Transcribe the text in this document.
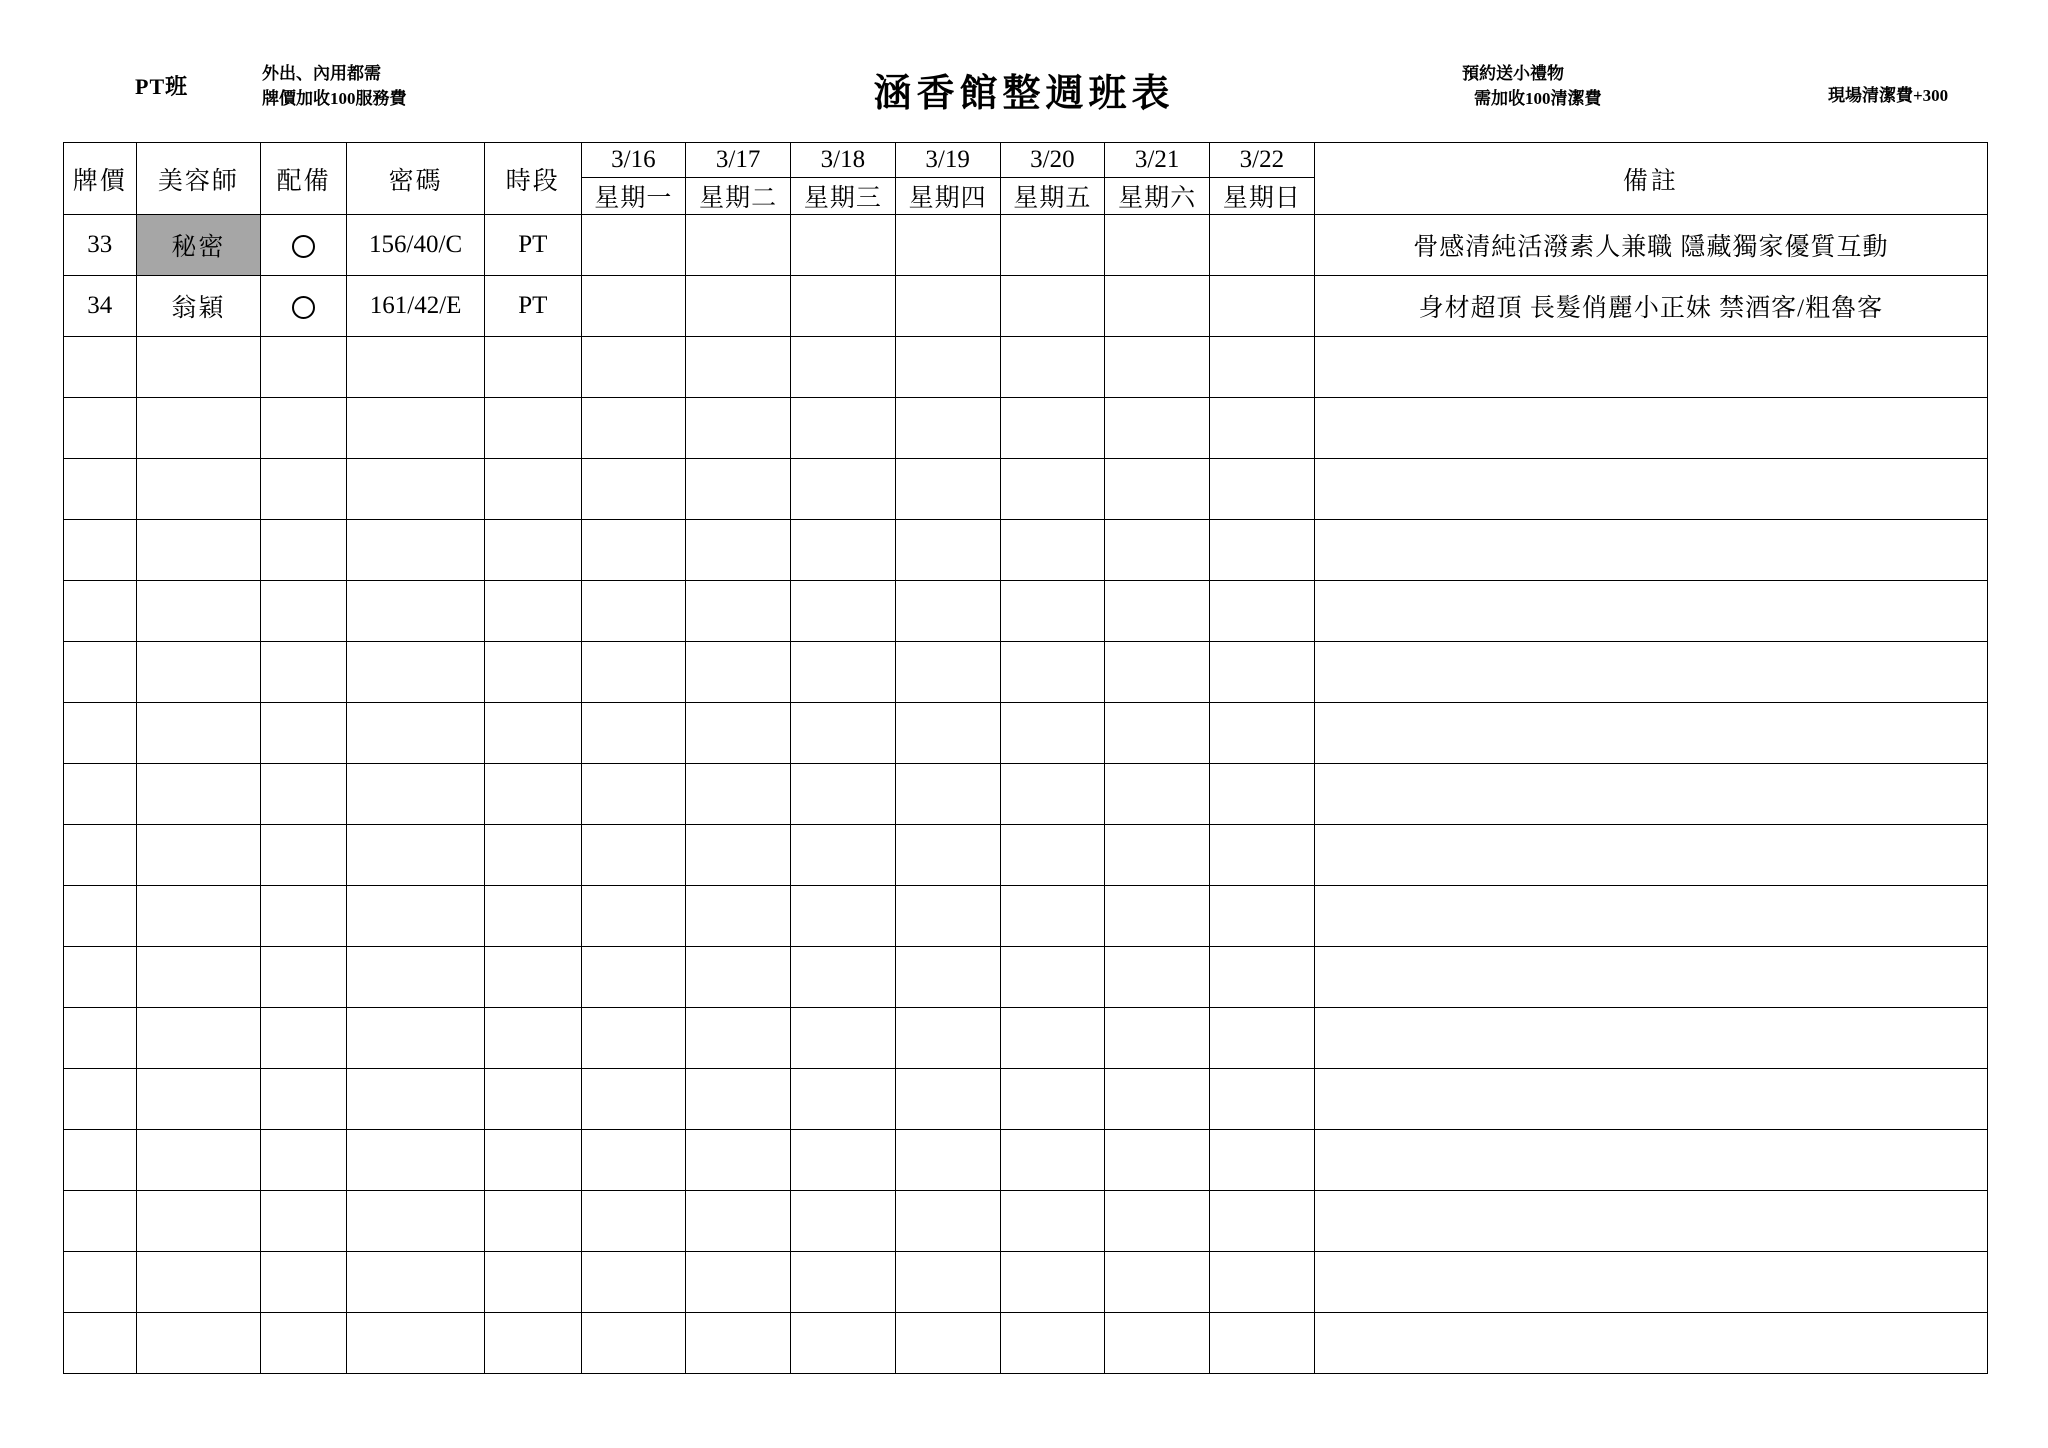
PT班
外出、內用都需
牌價加收100服務費	涵香館整週班表	預約送小禮物
需加收100清潔費	現場清潔費+300
牌價	美容師	配備	密碼	時段	3/16	3/17	3/18	3/19	3/20	3/21	3/22	備註
					星期一	星期二	星期三	星期四	星期五	星期六	星期日	
33	秘密		156/40/C	PT								骨感清純活潑素人兼職 隱藏獨家優質互動
34	翁穎		161/42/E	PT								身材超頂 長髮俏麗小正妹 禁酒客/粗魯客
